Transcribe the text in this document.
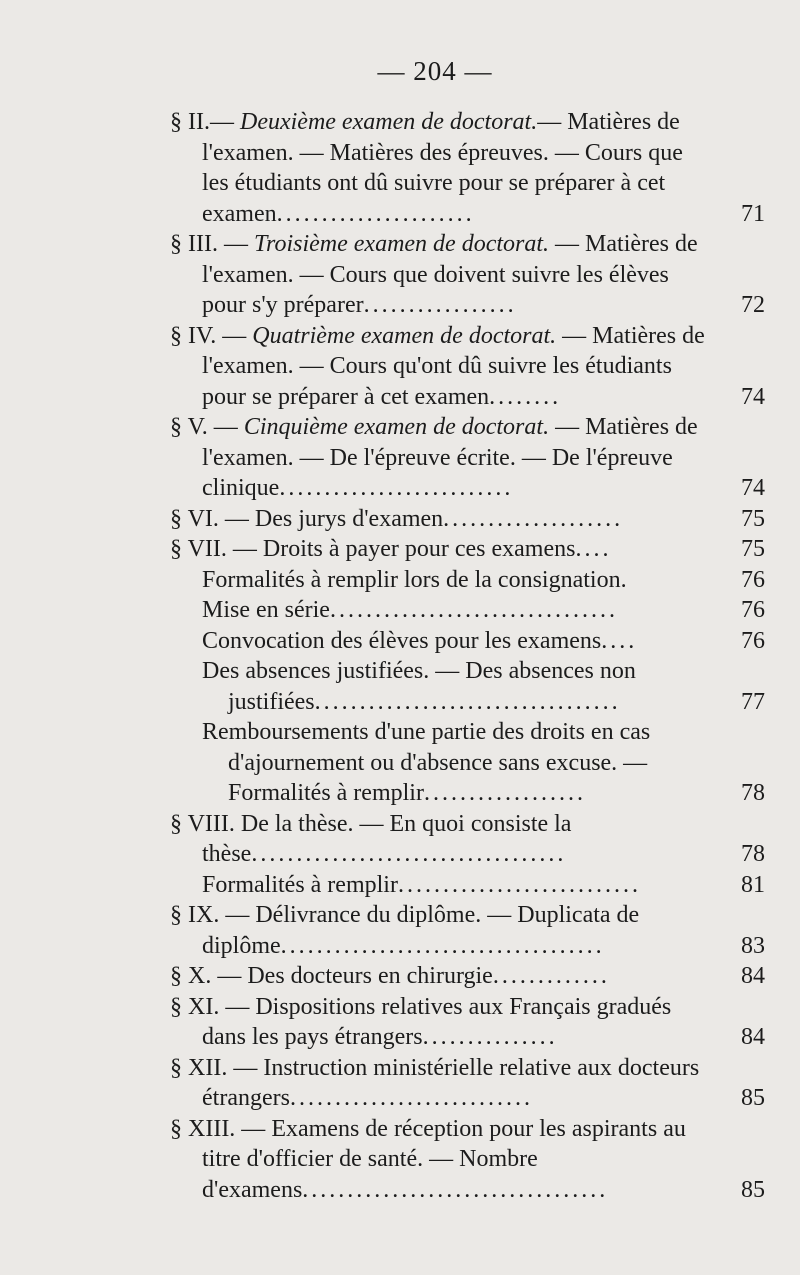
— 204 —
§ II.— Deuxième examen de doctorat.— Matières de l'examen. — Matières des épreuves. — Cours que les étudiants ont dû suivre pour se préparer à cet examen......................	71
§ III. — Troisième examen de doctorat. — Matières de l'examen. — Cours que doivent suivre les élèves pour s'y préparer.................	72
§ IV. — Quatrième examen de doctorat. — Matières de l'examen. — Cours qu'ont dû suivre les étudiants pour se préparer à cet examen........	74
§ V. — Cinquième examen de doctorat. — Matières de l'examen. — De l'épreuve écrite. — De l'épreuve clinique..........................	74
§ VI. — Des jurys d'examen....................	75
§ VII. — Droits à payer pour ces examens....	75
Formalités à remplir lors de la consignation.	76
Mise en série................................	76
Convocation des élèves pour les examens....	76
Des absences justifiées. — Des absences non justifiées..................................	77
Remboursements d'une partie des droits en cas d'ajournement ou d'absence sans excuse. — Formalités à remplir..................	78
§ VIII. De la thèse. — En quoi consiste la thèse...................................	78
Formalités à remplir...........................	81
§ IX. — Délivrance du diplôme. — Duplicata de diplôme....................................	83
§ X. — Des docteurs en chirurgie.............	84
§ XI. — Dispositions relatives aux Français gradués dans les pays étrangers...............	84
§ XII. — Instruction ministérielle relative aux docteurs étrangers...........................	85
§ XIII. — Examens de réception pour les aspirants au titre d'officier de santé. — Nombre d'examens..................................	85
